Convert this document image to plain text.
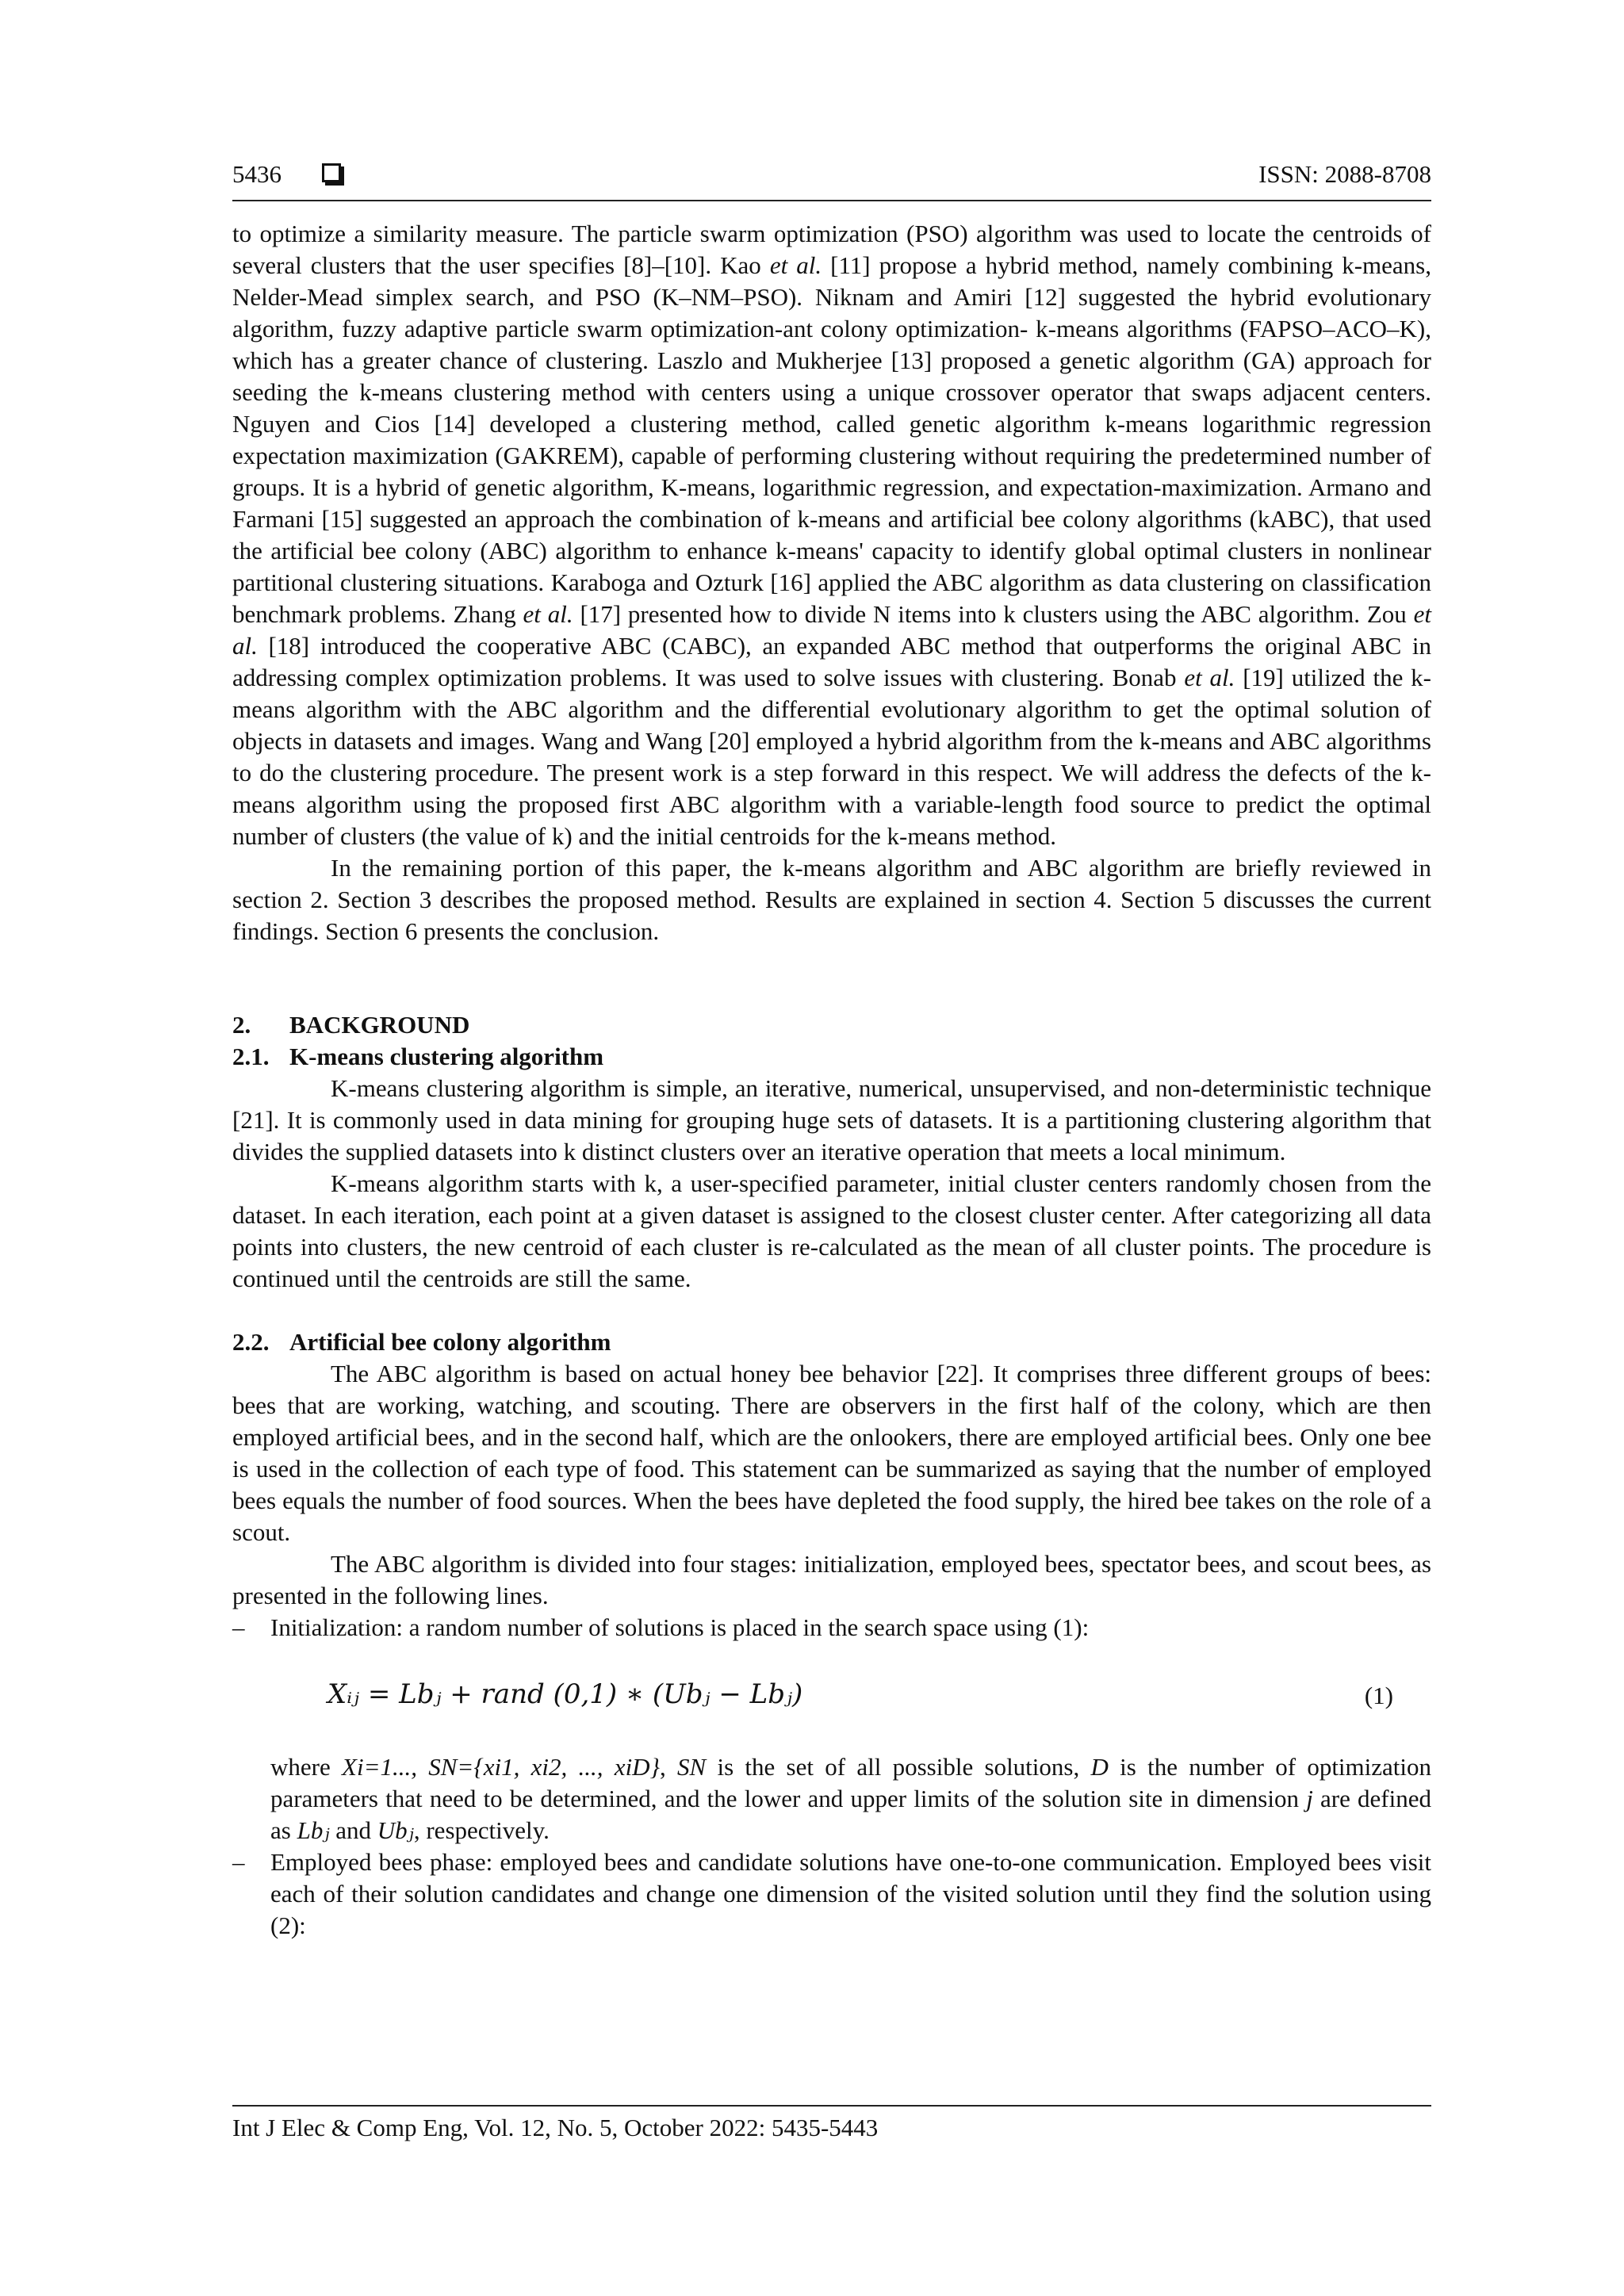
5436	ISSN: 2088-8708

to optimize a similarity measure. The particle swarm optimization (PSO) algorithm was used to locate the centroids of several clusters that the user specifies [8]–[10]. Kao et al. [11] propose a hybrid method, namely combining k-means, Nelder-Mead simplex search, and PSO (K–NM–PSO). Niknam and Amiri [12] suggested the hybrid evolutionary algorithm, fuzzy adaptive particle swarm optimization-ant colony optimization- k-means algorithms (FAPSO–ACO–K), which has a greater chance of clustering. Laszlo and Mukherjee [13] proposed a genetic algorithm (GA) approach for seeding the k-means clustering method with centers using a unique crossover operator that swaps adjacent centers. Nguyen and Cios [14] developed a clustering method, called genetic algorithm k-means logarithmic regression expectation maximization (GAKREM), capable of performing clustering without requiring the predetermined number of groups. It is a hybrid of genetic algorithm, K-means, logarithmic regression, and expectation-maximization. Armano and Farmani [15] suggested an approach the combination of k-means and artificial bee colony algorithms (kABC), that used the artificial bee colony (ABC) algorithm to enhance k-means' capacity to identify global optimal clusters in nonlinear partitional clustering situations. Karaboga and Ozturk [16] applied the ABC algorithm as data clustering on classification benchmark problems. Zhang et al. [17] presented how to divide N items into k clusters using the ABC algorithm. Zou et al. [18] introduced the cooperative ABC (CABC), an expanded ABC method that outperforms the original ABC in addressing complex optimization problems. It was used to solve issues with clustering. Bonab et al. [19] utilized the k-means algorithm with the ABC algorithm and the differential evolutionary algorithm to get the optimal solution of objects in datasets and images. Wang and Wang [20] employed a hybrid algorithm from the k-means and ABC algorithms to do the clustering procedure. The present work is a step forward in this respect. We will address the defects of the k-means algorithm using the proposed first ABC algorithm with a variable-length food source to predict the optimal number of clusters (the value of k) and the initial centroids for the k-means method.

In the remaining portion of this paper, the k-means algorithm and ABC algorithm are briefly reviewed in section 2. Section 3 describes the proposed method. Results are explained in section 4. Section 5 discusses the current findings. Section 6 presents the conclusion.

2. BACKGROUND
2.1. K-means clustering algorithm

K-means clustering algorithm is simple, an iterative, numerical, unsupervised, and non-deterministic technique [21]. It is commonly used in data mining for grouping huge sets of datasets. It is a partitioning clustering algorithm that divides the supplied datasets into k distinct clusters over an iterative operation that meets a local minimum.

K-means algorithm starts with k, a user-specified parameter, initial cluster centers randomly chosen from the dataset. In each iteration, each point at a given dataset is assigned to the closest cluster center. After categorizing all data points into clusters, the new centroid of each cluster is re-calculated as the mean of all cluster points. The procedure is continued until the centroids are still the same.

2.2. Artificial bee colony algorithm

The ABC algorithm is based on actual honey bee behavior [22]. It comprises three different groups of bees: bees that are working, watching, and scouting. There are observers in the first half of the colony, which are then employed artificial bees, and in the second half, which are the onlookers, there are employed artificial bees. Only one bee is used in the collection of each type of food. This statement can be summarized as saying that the number of employed bees equals the number of food sources. When the bees have depleted the food supply, the hired bee takes on the role of a scout.

The ABC algorithm is divided into four stages: initialization, employed bees, spectator bees, and scout bees, as presented in the following lines.

– Initialization: a random number of solutions is placed in the search space using (1):
Xᵢⱼ = Lbⱼ + rand (0,1) ∗ (Ubⱼ − Lbⱼ)	(1)

where Xi=1..., SN={xi1, xi2, ..., xiD}, SN is the set of all possible solutions, D is the number of optimization parameters that need to be determined, and the lower and upper limits of the solution site in dimension j are defined as Lbⱼ and Ubⱼ, respectively.

– Employed bees phase: employed bees and candidate solutions have one-to-one communication. Employed bees visit each of their solution candidates and change one dimension of the visited solution until they find the solution using (2):
Int J Elec & Comp Eng, Vol. 12, No. 5, October 2022: 5435-5443
